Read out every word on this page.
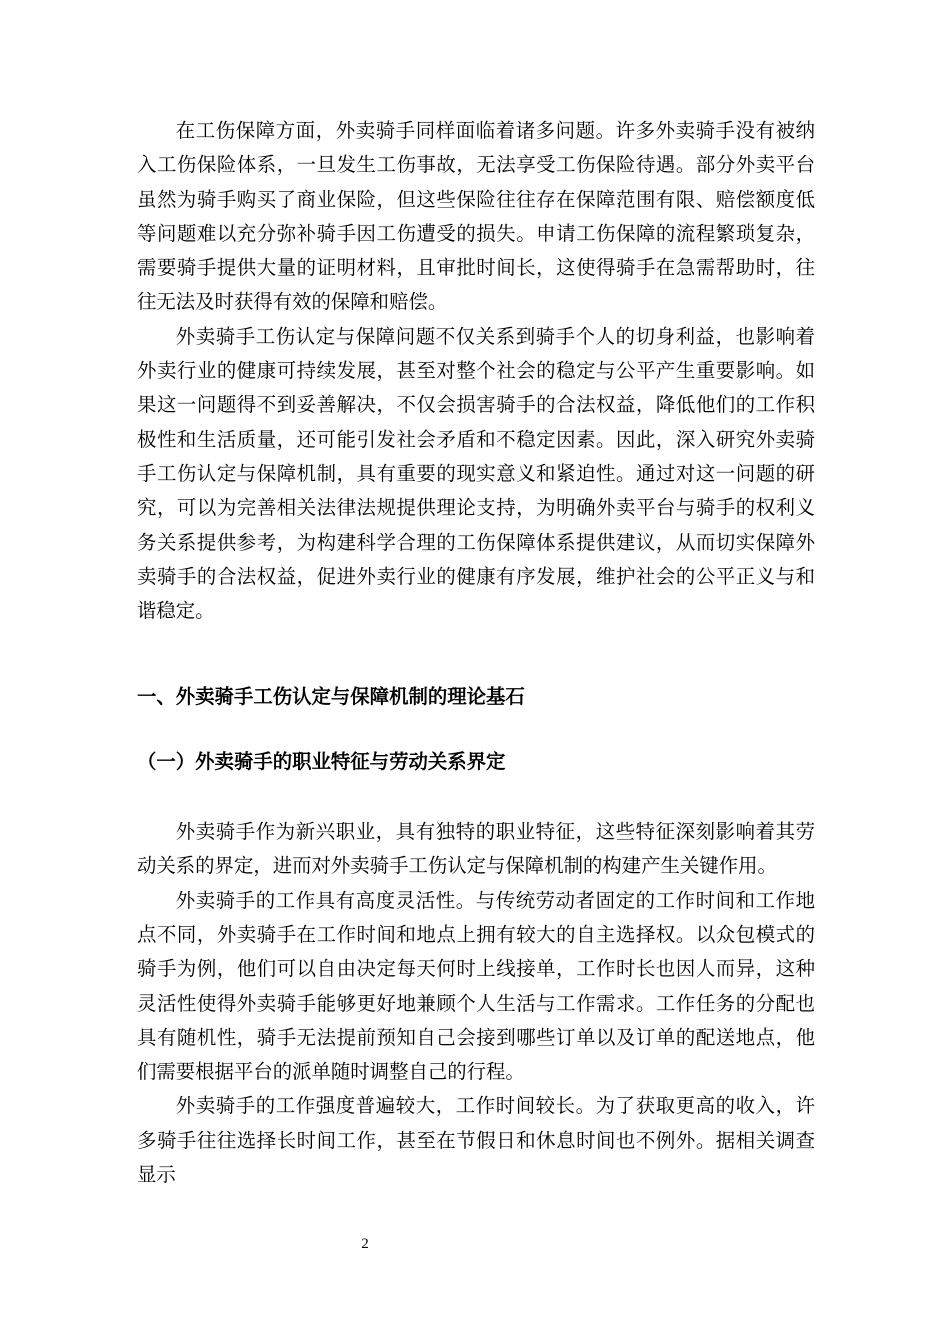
在工伤保障方面，外卖骑手同样面临着诸多问题。许多外卖骑手没有被纳入工伤保险体系，一旦发生工伤事故，无法享受工伤保险待遇。部分外卖平台虽然为骑手购买了商业保险，但这些保险往往存在保障范围有限、赔偿额度低等问题难以充分弥补骑手因工伤遭受的损失。申请工伤保障的流程繁琐复杂，需要骑手提供大量的证明材料，且审批时间长，这使得骑手在急需帮助时，往往无法及时获得有效的保障和赔偿。

外卖骑手工伤认定与保障问题不仅关系到骑手个人的切身利益，也影响着外卖行业的健康可持续发展，甚至对整个社会的稳定与公平产生重要影响。如果这一问题得不到妥善解决，不仅会损害骑手的合法权益，降低他们的工作积极性和生活质量，还可能引发社会矛盾和不稳定因素。因此，深入研究外卖骑手工伤认定与保障机制，具有重要的现实意义和紧迫性。通过对这一问题的研究，可以为完善相关法律法规提供理论支持，为明确外卖平台与骑手的权利义务关系提供参考，为构建科学合理的工伤保障体系提供建议，从而切实保障外卖骑手的合法权益，促进外卖行业的健康有序发展，维护社会的公平正义与和谐稳定。

一、外卖骑手工伤认定与保障机制的理论基石
（一）外卖骑手的职业特征与劳动关系界定

外卖骑手作为新兴职业，具有独特的职业特征，这些特征深刻影响着其劳动关系的界定，进而对外卖骑手工伤认定与保障机制的构建产生关键作用。

外卖骑手的工作具有高度灵活性。与传统劳动者固定的工作时间和工作地点不同，外卖骑手在工作时间和地点上拥有较大的自主选择权。以众包模式的骑手为例，他们可以自由决定每天何时上线接单，工作时长也因人而异，这种灵活性使得外卖骑手能够更好地兼顾个人生活与工作需求。工作任务的分配也具有随机性，骑手无法提前预知自己会接到哪些订单以及订单的配送地点，他们需要根据平台的派单随时调整自己的行程。

外卖骑手的工作强度普遍较大，工作时间较长。为了获取更高的收入，许多骑手往往选择长时间工作，甚至在节假日和休息时间也不例外。据相关调查显示

2
